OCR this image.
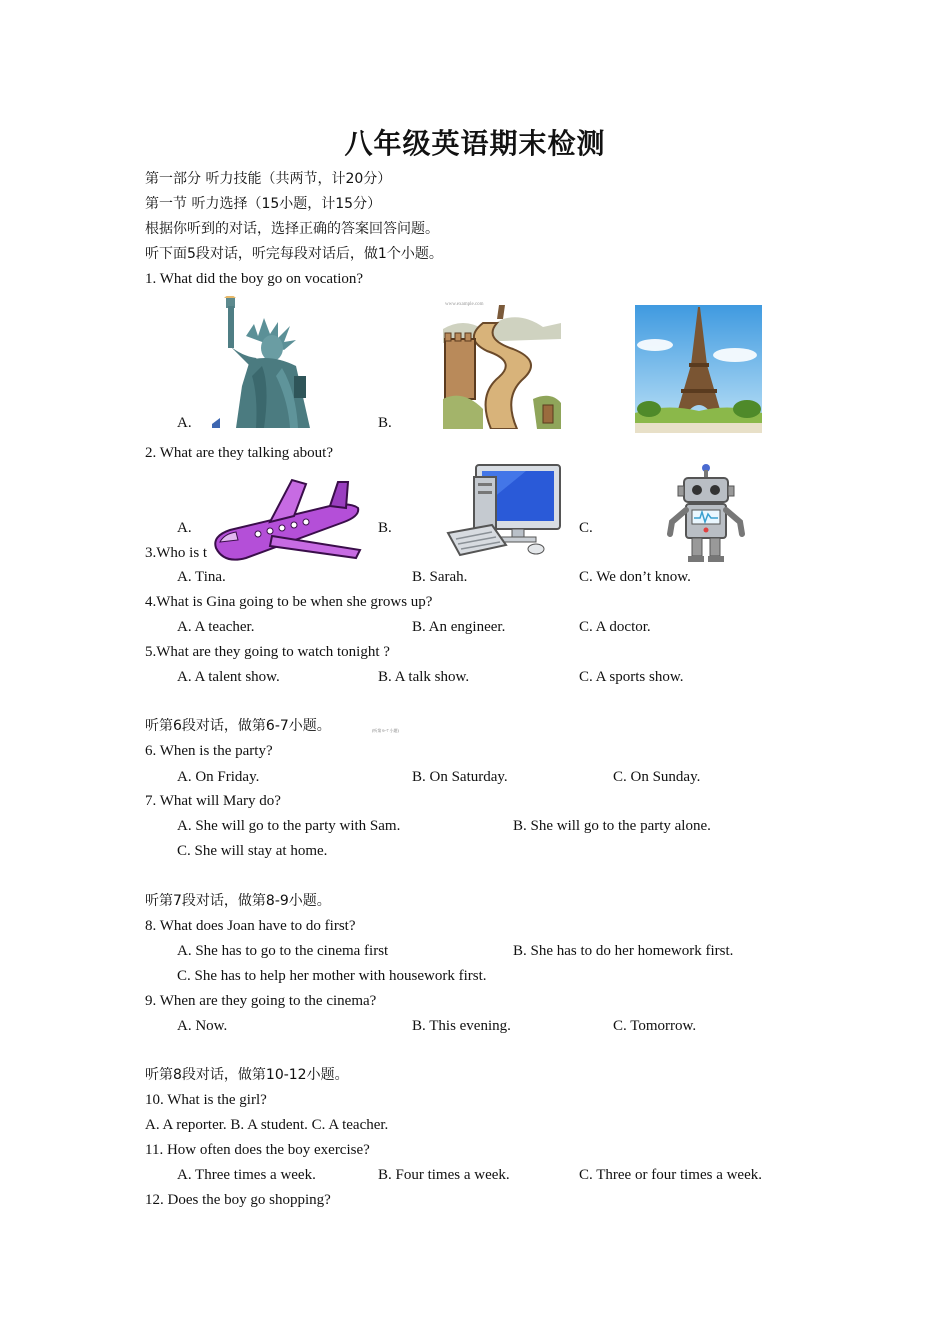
八年级英语期末检测
第一部分 听力技能（共两节，计20分）
第一节 听力选择（15小题，计15分）
根据你听到的对话，选择正确的答案回答问题。
听下面5段对话，听完每段对话后，做1个小题。
1. What did the boy go on vocation?
A.
www.example.com
B.
2. What are they talking about?
A.	B.	C.
3.Who is t
A. Tina.	B. Sarah.	C. We don’t know.
4.What is Gina going to be when she grows up?
A. A teacher.	B. An engineer.	C. A doctor.
5.What are they going to watch tonight ?
A. A talent show.	B. A talk show.	C. A sports show.
听第6段对话，做第6-7小题。	(听第 6~7 小题)
6. When is the party?
A. On Friday.	B. On Saturday.	C. On Sunday.
7. What will Mary do?
A. She will go to the party with Sam.	B. She will go to the party alone.
C. She will stay at home.
听第7段对话，做第8-9小题。
8. What does Joan have to do first?
A. She has to go to the cinema first	B. She has to do her homework first.
C. She has to help her mother with housework first.
9. When are they going to the cinema?
A. Now.	B. This evening.	C. Tomorrow.
听第8段对话，做第10-12小题。
10. What is the girl?
A. A reporter. B. A student. C. A teacher.
11. How often does the boy exercise?
A. Three times a week.	B. Four times a week.	C. Three or four times a week.
12. Does the boy go shopping?
